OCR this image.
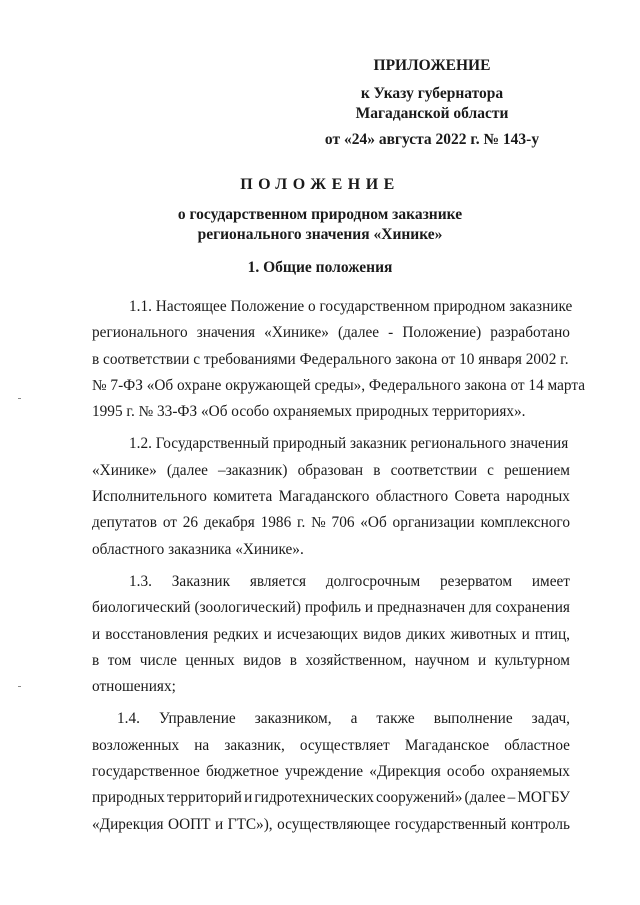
ПРИЛОЖЕНИЕ
к Указу губернатора
Магаданской области
от «24» августа 2022 г. № 143-у
ПОЛОЖЕНИЕ
о государственном природном заказнике
регионального значения «Хинике»
1. Общие положения
1.1. Настоящее Положение о государственном природном заказнике
регионального значения «Хинике» (далее - Положение) разработано
в соответствии с требованиями Федерального закона от 10 января 2002 г.
№ 7-ФЗ «Об охране окружающей среды», Федерального закона от 14 марта
1995 г. № 33-ФЗ «Об особо охраняемых природных территориях».
1.2. Государственный природный заказник регионального значения
«Хинике» (далее –заказник) образован в соответствии с решением
Исполнительного комитета Магаданского областного Совета народных
депутатов от 26 декабря 1986 г. № 706 «Об организации комплексного
областного заказника «Хинике».
1.3. Заказник является долгосрочным резерватом имеет
биологический (зоологический) профиль и предназначен для сохранения
и восстановления редких и исчезающих видов диких животных и птиц,
в том числе ценных видов в хозяйственном, научном и культурном
отношениях;
1.4. Управление заказником, а также выполнение задач,
возложенных на заказник, осуществляет Магаданское областное
государственное бюджетное учреждение «Дирекция особо охраняемых
природных территорий и гидротехнических сооружений» (далее – МОГБУ
«Дирекция ООПТ и ГТС»), осуществляющее государственный контроль
